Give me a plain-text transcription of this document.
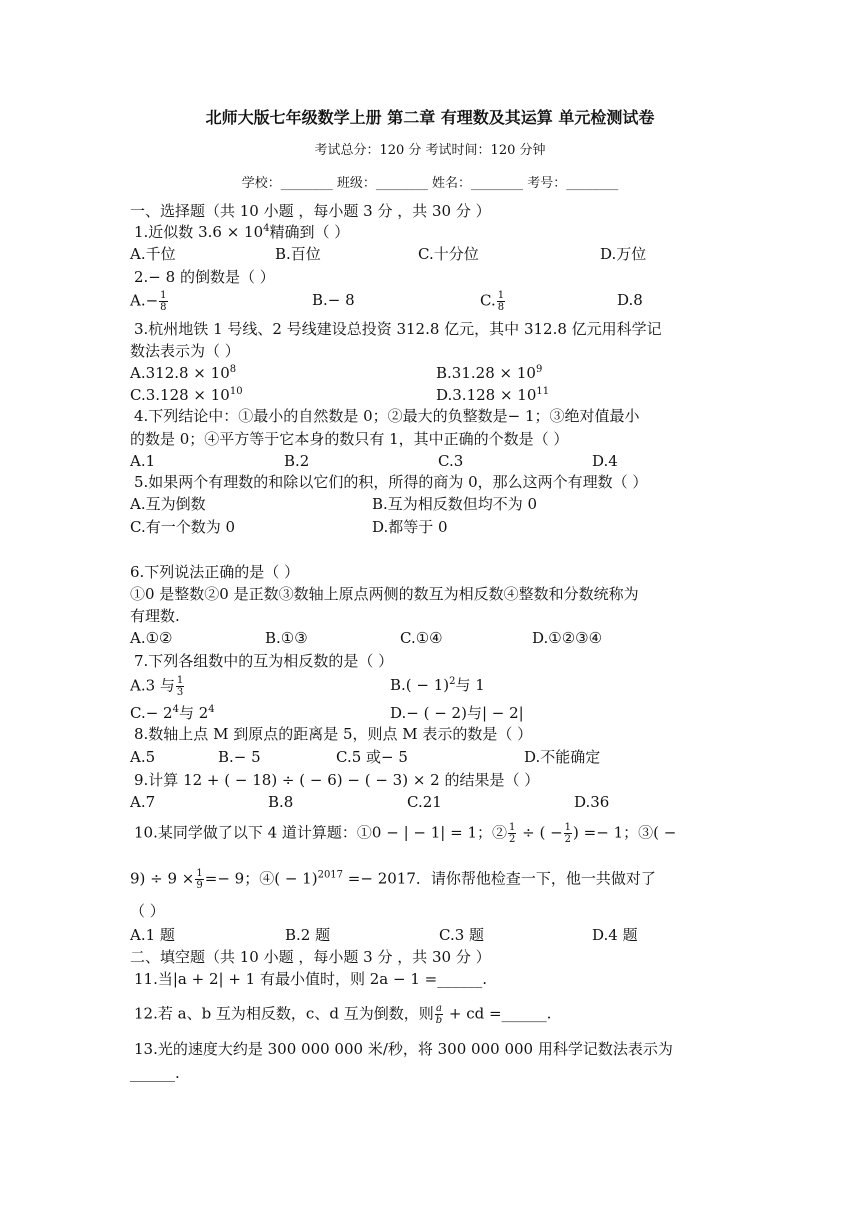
北师大版七年级数学上册 第二章 有理数及其运算 单元检测试卷
考试总分：120 分 考试时间：120 分钟
学校：________ 班级：________ 姓名：________ 考号：________
一、选择题（共 10 小题 ，每小题 3 分 ，共 30 分 ）
1.近似数 $3.6 \times 10^4$精确到（ ）
A.千位	B.百位	C.十分位	D.万位
2.− 8 的倒数是（ ）
$A.- \frac{1}{8}$	B.− 8	C. $\frac{1}{8}$	D.8
3.杭州地铁 1 号线、2 号线建设总投资 312.8 亿元，其中 312.8 亿元用科学记
数法表示为（ ）
$A.312.8 \times 10^8$	$B.31.28 \times 10^9$
$C.3.128 \times 10^{10}$	$D.3.128 \times 10^{11}$
4.下列结论中：①最小的自然数是 0；②最大的负整数是− 1；③绝对值最小
的数是 0；④平方等于它本身的数只有 1，其中正确的个数是（ ）
A.1	B.2	C.3	D.4
5.如果两个有理数的和除以它们的积，所得的商为 0，那么这两个有理数（ ）
A.互为倒数	B.互为相反数但均不为 0
C.有一个数为 0	D.都等于 0
6.下列说法正确的是（ ）
①0 是整数②0 是正数③数轴上原点两侧的数互为相反数④整数和分数统称为
有理数.
A.①②	B.①③	C.①④	D.①②③④
7.下列各组数中的互为相反数的是（ ）
A.3 与 $\frac{1}{3}$	$B.( - 1)^2$与 1
$C.- 2^4$与 $2^4$	D.− ( − 2)与| − 2|
8.数轴上点 M 到原点的距离是 5，则点 M 表示的数是（ ）
A.5	B.− 5	C.5 或− 5	D.不能确定
9.计算 12 + ( − 18) ÷ ( − 6) − ( − 3) × 2 的结果是（ ）
A.7	B.8	C.21	D.36
10.某同学做了以下 4 道计算题：①0 − | − 1| = 1；② $\frac{1}{2}$ ÷ ( − $\frac{1}{2}$ ) =− 1；③( −
$9) \div 9 \times \frac{1}{9} =- 9$；④( − 1)$^{2017}$ =− 2017．请你帮他检查一下，他一共做对了
（ ）
A.1 题	B.2 题	C.3 题	D.4 题
二、填空题（共 10 小题 ，每小题 3 分 ，共 30 分 ）
11.当|a + 2| + 1 有最小值时，则 2a − 1 =______.
12.若 a、b 互为相反数，c、d 互为倒数，则 $\frac{a}{b}$ + cd =______.
13.光的速度大约是 300 000 000 米/秒，将 300 000 000 用科学记数法表示为
______.
